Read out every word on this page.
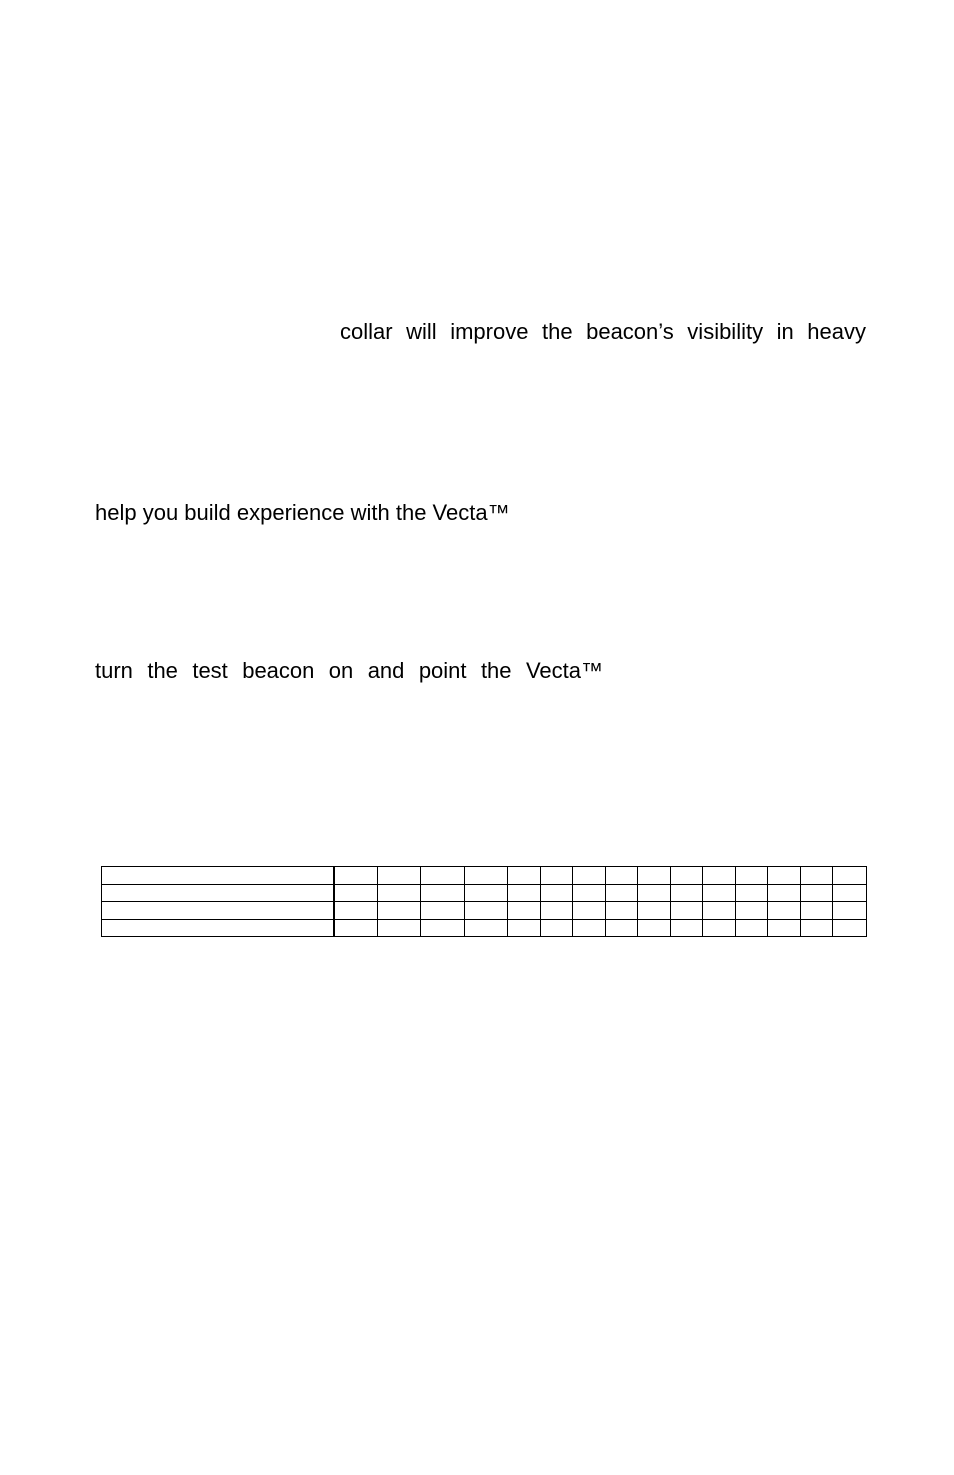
collar will improve the beacon’s visibility in heavy

help you build experience with the Vecta™

turn the test beacon on and point the Vecta™
